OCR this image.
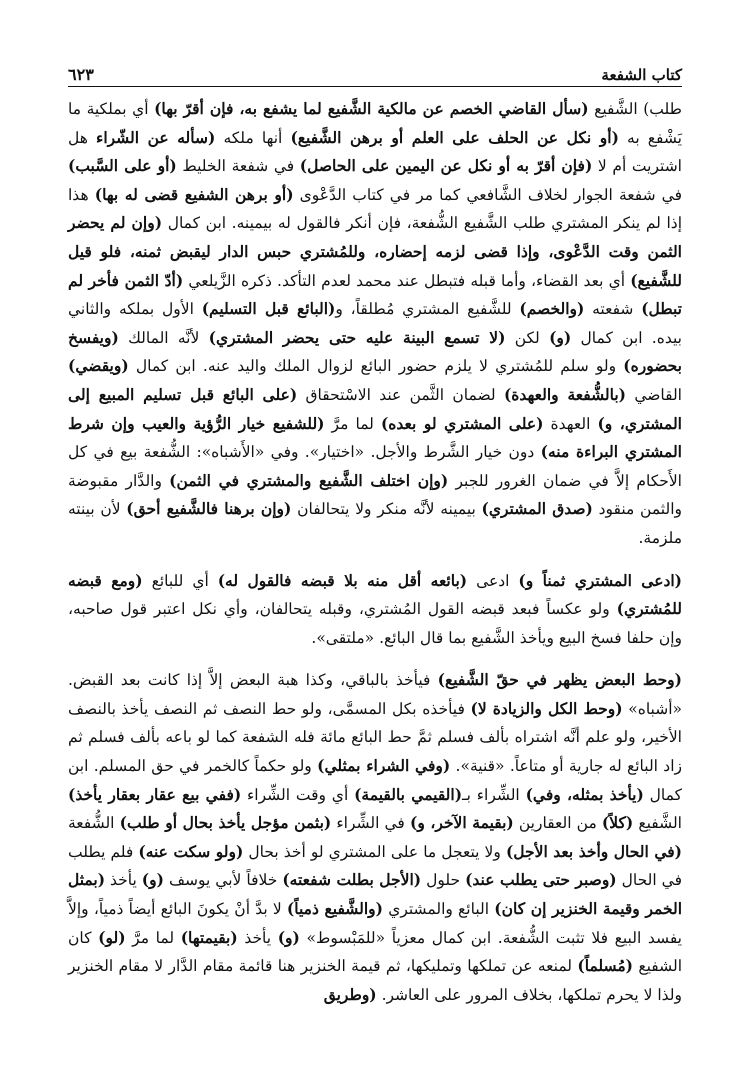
كتاب الشفعة
٦٢٣

طلب) الشَّفيع (سأل القاضي الخصم عن مالكية الشَّفيع لما يشفع به، فإن أقرّ بها) أي بملكية ما يَشْفع به (أو نكل عن الحلف على العلم أو برهن الشَّفيع) أنها ملكه (سأله عن الشّراء هل اشتريت أم لا (فإن أقرّ به أو نكل عن اليمين على الحاصل) في شفعة الخليط (أو على السَّبب) في شفعة الجوار لخلاف الشَّافعي كما مر في كتاب الدَّعْوى (أو برهن الشفيع قضى له بها) هذا إذا لم ينكر المشتري طلب الشَّفيع الشُّفعة، فإن أنكر فالقول له بيمينه. ابن كمال (وإن لم يحضر الثمن وقت الدَّعْوى، وإذا قضى لزمه إحضاره، وللمُشتري حبس الدار ليقبض ثمنه، فلو قيل للشَّفيع) أي بعد القضاء، وأما قبله فتبطل عند محمد لعدم التأكد. ذكره الزَّيلعي (أدّ الثمن فأخر لم تبطل) شفعته (والخصم) للشَّفيع المشتري مُطلقاً، و(البائع قبل التسليم) الأول بملكه والثاني بيده. ابن كمال (و) لكن (لا تسمع البينة عليه حتى يحضر المشتري) لأنَّه المالك (ويفسخ بحضوره) ولو سلم للمُشتري لا يلزم حضور البائع لزوال الملك واليد عنه. ابن كمال (ويقضي) القاضي (بالشُّفعة والعهدة) لضمان الثَّمن عند الاسْتحقاق (على البائع قبل تسليم المبيع إلى المشتري، و) العهدة (على المشتري لو بعده) لما مرَّ (للشفيع خيار الرُّؤية والعيب وإن شرط المشتري البراءة منه) دون خيار الشَّرط والأجل. «اختيار». وفي «الأَشباه»: الشُّفعة بيع في كل الأَحكام إلاَّ في ضمان الغرور للجبر (وإن اختلف الشَّفيع والمشتري في الثمن) والدَّار مقبوضة والثمن منقود (صدق المشتري) بيمينه لأنَّه منكر ولا يتحالفان (وإن برهنا فالشَّفيع أحق) لأن بينته ملزمة.

(ادعى المشتري ثمناً و) ادعى (بائعه أقل منه بلا قبضه فالقول له) أي للبائع (ومع قبضه للمُشتري) ولو عكساً فبعد قبضه القول المُشتري، وقبله يتحالفان، وأي نكل اعتبر قول صاحبه، وإن حلفا فسخ البيع ويأخذ الشَّفيع بما قال البائع. «ملتقى».

(وحط البعض يظهر في حقّ الشَّفيع) فيأخذ بالباقي، وكذا هبة البعض إلاَّ إذا كانت بعد القبض. «أشباه» (وحط الكل والزيادة لا) فيأخذه بكل المسمَّى، ولو حط النصف ثم النصف يأخذ بالنصف الأخير، ولو علم أنَّه اشتراه بألف فسلم ثمَّ حط البائع مائة فله الشفعة كما لو باعه بألف فسلم ثم زاد البائع له جارية أو متاعاً. «قنية». (وفي الشراء بمثلي) ولو حكماً كالخمر في حق المسلم. ابن كمال (يأخذ بمثله، وفي) الشِّراء بـ(القيمي بالقيمة) أي وقت الشِّراء (ففي بيع عقار بعقار يأخذ) الشَّفيع (كلاً) من العقارين (بقيمة الآخر، و) في الشِّراء (بثمن مؤجل يأخذ بحال أو طلب) الشُّفعة (في الحال وأخذ بعد الأجل) ولا يتعجل ما على المشتري لو أخذ بحال (ولو سكت عنه) فلم يطلب في الحال (وصبر حتى يطلب عند) حلول (الأجل بطلت شفعته) خلافاً لأبي يوسف (و) يأخذ (بمثل الخمر وقيمة الخنزير إن كان) البائع والمشتري (والشَّفيع ذمياً) لا بدَّ أنْ يكونَ البائع أيضاً ذمياً، وإلاَّ يفسد البيع فلا تثبت الشُّفعة. ابن كمال معزياً «للمَبْسوط» (و) يأخذ (بقيمتها) لما مرَّ (لو) كان الشفيع (مُسلماً) لمنعه عن تملكها وتمليكها، ثم قيمة الخنزير هنا قائمة مقام الدَّار لا مقام الخنزير ولذا لا يحرم تملكها، بخلاف المرور على العاشر. (وطريق
